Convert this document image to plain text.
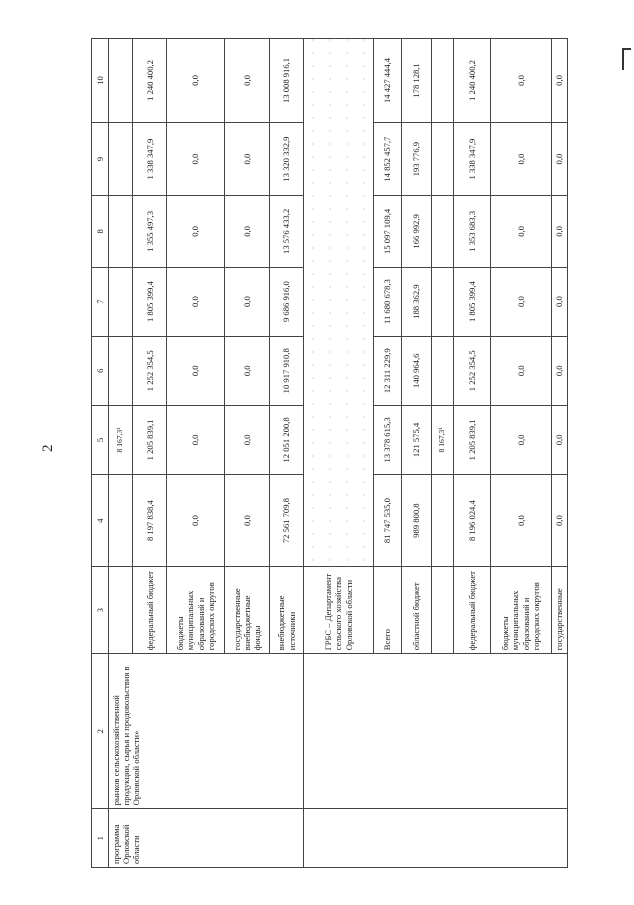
2
1	2	3	4	5	6	7	8	9	10
программа Орловской области	рынков сельскохозяйственной продукции, сырья и продовольствия в Орловской области»			8 167,3¹					
		федеральный бюджет	8 197 838,4	1 205 839,1	1 252 354,5	1 805 399,4	1 355 497,3	1 338 347,9	1 240 400,2
		бюджеты муниципальных образований и городских округов	0,0	0,0	0,0	0,0	0,0	0,0	0,0
		государственные внебюджетные фонды	0,0	0,0	0,0	0,0	0,0	0,0	0,0
		внебюджетные источники	72 561 709,8	12 051 200,8	10 917 910,8	9 686 916,0	13 576 433,2	13 320 332,9	13 008 916,1
		ГРБС – Департамент сельского хозяйства Орловской области							
		Всего	81 747 535,0	13 378 615,3	12 311 229,9	11 680 678,3	15 097 109,4	14 852 457,7	14 427 444,4
		областной бюджет	989 800,8	121 575,4	140 964,6	188 362,9	166 992,9	193 776,9	178 128,1
				8 167,3¹					
		федеральный бюджет	8 196 024,4	1 205 839,1	1 252 354,5	1 805 399,4	1 353 683,3	1 338 347,9	1 240 400,2
		бюджеты муниципальных образований и городских округов	0,0	0,0	0,0	0,0	0,0	0,0	0,0
		государственные	0,0	0,0	0,0	0,0	0,0	0,0	0,0
